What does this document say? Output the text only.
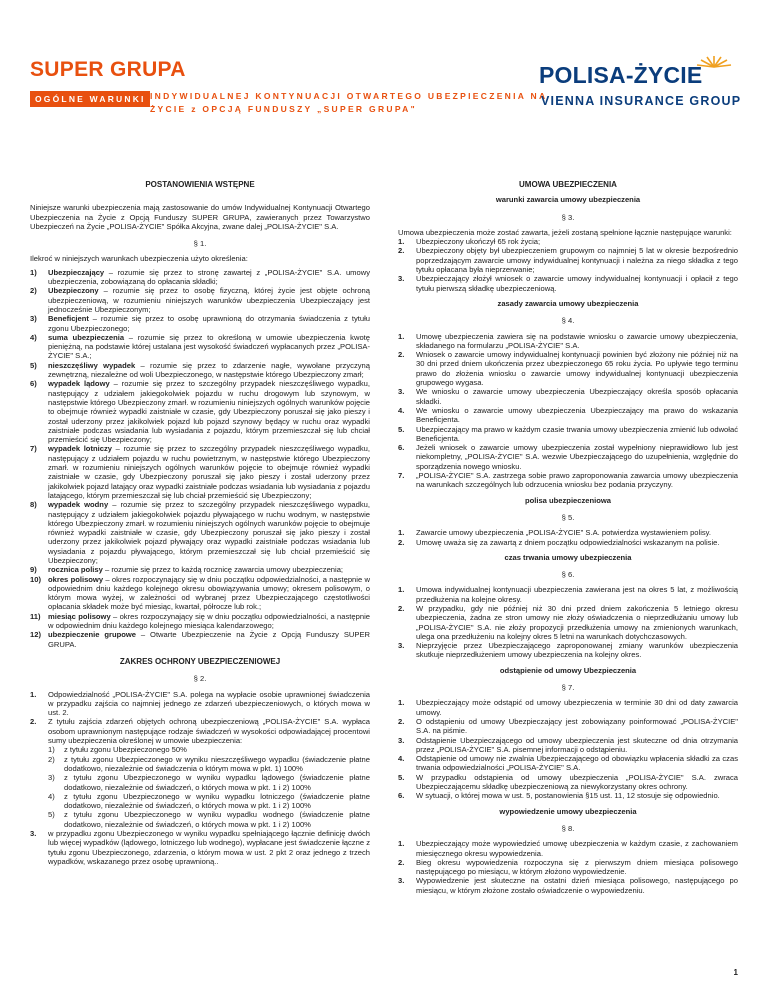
SUPER GRUPA
OGÓLNE WARUNKI INDYWIDUALNEJ KONTYNUACJI OTWARTEGO UBEZPIECZENIA NA ŻYCIE z OPCJĄ FUNDUSZY „SUPER GRUPA"
POLISA-ŻYCIE
VIENNA INSURANCE GROUP
POSTANOWIENIA WSTĘPNE
Niniejsze warunki ubezpieczenia mają zastosowanie do umów Indywidualnej Kontynuacji Otwartego Ubezpieczenia na Życie z Opcją Funduszy SUPER GRUPA, zawieranych przez Towarzystwo Ubezpieczeń na Życie „POLISA-ŻYCIE" Spółka Akcyjna, zwane dalej „POLISA-ŻYCIE" S.A.
§ 1.
Ilekroć w niniejszych warunkach ubezpieczenia użyto określenia:
1)	Ubezpieczający – rozumie się przez to stronę zawartej z „POLISA-ŻYCIE" S.A. umowy ubezpieczenia, zobowiązaną do opłacania składki;
2)	Ubezpieczony – rozumie się przez to osobę fizyczną, której życie jest objęte ochroną ubezpieczeniową, w rozumieniu niniejszych warunków ubezpieczenia Ubezpieczający jest jednocześnie Ubezpieczonym;
3)	Beneficjent – rozumie się przez to osobę uprawnioną do otrzymania świadczenia z tytułu zgonu Ubezpieczonego;
4)	suma ubezpieczenia – rozumie się przez to określoną w umowie ubezpieczenia kwotę pieniężną, na podstawie której ustalana jest wysokość świadczeń wypłacanych przez „POLISA-ŻYCIE" S.A.;
5)	nieszczęśliwy wypadek – rozumie się przez to zdarzenie nagłe, wywołane przyczyną zewnętrzną, niezależne od woli Ubezpieczonego, w następstwie którego Ubezpieczony zmarł;
6)	wypadek lądowy – rozumie się przez to szczególny przypadek nieszczęśliwego wypadku, następujący z udziałem jakiegokolwiek pojazdu w ruchu drogowym lub szynowym, w następstwie którego Ubezpieczony zmarł. w rozumieniu niniejszych ogólnych warunków pojęcie to obejmuje również wypadki zaistniałe w czasie, gdy Ubezpieczony poruszał się jako pieszy i został uderzony przez jakikolwiek pojazd lub pojazd szynowy będący w ruchu oraz wypadki zaistniałe podczas wsiadania lub wysiadania z pojazdu, którym przemieszczał się lub chciał przemieścić się Ubezpieczony;
7)	wypadek lotniczy – rozumie się przez to szczególny przypadek nieszczęśliwego wypadku, następujący z udziałem pojazdu w ruchu powietrznym, w następstwie którego Ubezpieczony zmarł. w rozumieniu niniejszych ogólnych warunków pojęcie to obejmuje również wypadki zaistniałe w czasie, gdy Ubezpieczony poruszał się jako pieszy i został uderzony przez jakikolwiek pojazd latający oraz wypadki zaistniałe podczas wsiadania lub wysiadania z pojazdu latającego, którym przemieszczał się lub chciał przemieścić się Ubezpieczony;
8)	wypadek wodny – rozumie się przez to szczególny przypadek nieszczęśliwego wypadku, następujący z udziałem jakiegokolwiek pojazdu pływającego w ruchu wodnym, w następstwie którego Ubezpieczony zmarł. w rozumieniu niniejszych ogólnych warunków pojęcie to obejmuje również wypadki zaistniałe w czasie, gdy Ubezpieczony poruszał się jako pieszy i został uderzony przez jakikolwiek pojazd pływający oraz wypadki zaistniałe podczas wsiadania lub wysiadania z pojazdu pływającego, którym przemieszczał się lub chciał przemieścić się Ubezpieczony;
9)	rocznica polisy – rozumie się przez to każdą rocznicę zawarcia umowy ubezpieczenia;
10) okres polisowy – okres rozpoczynający się w dniu początku odpowiedzialności, a następnie w odpowiednim dniu każdego kolejnego okresu obowiązywania umowy; okresem polisowym, o którym mowa wyżej, w zależności od wybranej przez Ubezpieczającego częstotliwości opłacania składek może być miesiąc, kwartał, półrocze lub rok.;
11) miesiąc polisowy – okres rozpoczynający się w dniu początku odpowiedzialności, a następnie w odpowiednim dniu każdego kolejnego miesiąca kalendarzowego;
12) ubezpieczenie grupowe – Otwarte Ubezpieczenie na Życie z Opcją Funduszy SUPER GRUPA.
ZAKRES OCHRONY UBEZPIECZENIOWEJ
§ 2.
1.	Odpowiedzialność „POLISA-ŻYCIE" S.A. polega na wypłacie osobie uprawnionej świadczenia w przypadku zajścia co najmniej jednego ze zdarzeń ubezpieczeniowych, o których mowa w ust. 2.
2.	Z tytułu zajścia zdarzeń objętych ochroną ubezpieczeniową „POLISA-ŻYCIE" S.A. wypłaca osobom uprawnionym następujące rodzaje świadczeń w wysokości odpowiadającej procentowi sumy ubezpieczenia określonej w umowie ubezpieczenia:
1)	z tytułu zgonu Ubezpieczonego 50%
2)	z tytułu zgonu Ubezpieczonego w wyniku nieszczęśliwego wypadku (świadczenie płatne dodatkowo, niezależnie od świadczenia o którym mowa w pkt. 1) 100%
3)	z tytułu zgonu Ubezpieczonego w wyniku wypadku lądowego (świadczenie płatne dodatkowo, niezależnie od świadczeń, o których mowa w pkt. 1 i 2) 100%
4)	z tytułu zgonu Ubezpieczonego w wyniku wypadku lotniczego (świadczenie płatne dodatkowo, niezależnie od świadczeń, o których mowa w pkt. 1 i 2) 100%
5)	z tytułu zgonu Ubezpieczonego w wyniku wypadku wodnego (świadczenie płatne dodatkowo, niezależnie od świadczeń, o których mowa w pkt. 1 i 2) 100%
3.	w przypadku zgonu Ubezpieczonego w wyniku wypadku spełniającego łącznie definicję dwóch lub więcej wypadków (lądowego, lotniczego lub wodnego), wypłacane jest świadczenie łączne z tytułu zgonu Ubezpieczonego, zdarzenia, o którym mowa w ust. 2 pkt 2 oraz jednego z trzech wypadków, wskazanego przez osobę uprawnioną..
UMOWA UBEZPIECZENIA
warunki zawarcia umowy ubezpieczenia
§ 3.
Umowa ubezpieczenia może zostać zawarta, jeżeli zostaną spełnione łącznie następujące warunki:
1.	Ubezpieczony ukończył 65 rok życia;
2.	Ubezpieczony objęty był ubezpieczeniem grupowym co najmniej 5 lat w okresie bezpośrednio poprzedzającym zawarcie umowy indywidualnej kontynuacji i należna za niego składka z tego tytułu opłacana była nieprzerwanie;
3.	Ubezpieczający złożył wniosek o zawarcie umowy indywidualnej kontynuacji i opłacił z tego tytułu pierwszą składkę ubezpieczeniową.
zasady zawarcia umowy ubezpieczenia
§ 4.
1.	Umowę ubezpieczenia zawiera się na podstawie wniosku o zawarcie umowy ubezpieczenia, składanego na formularzu „POLISA-ŻYCIE" S.A.
2.	Wniosek o zawarcie umowy indywidualnej kontynuacji powinien być złożony nie później niż na 30 dni przed dniem ukończenia przez ubezpieczonego 65 roku życia. Po upływie tego terminu prawo do złożenia wniosku o zawarcie umowy indywidualnej kontynuacji ubezpieczenia grupowego wygasa.
3.	We wniosku o zawarcie umowy ubezpieczenia Ubezpieczający określa sposób opłacania składki.
4.	We wniosku o zawarcie umowy ubezpieczenia Ubezpieczający ma prawo do wskazania Beneficjenta.
5.	Ubezpieczający ma prawo w każdym czasie trwania umowy ubezpieczenia zmienić lub odwołać Beneficjenta.
6.	Jeżeli wniosek o zawarcie umowy ubezpieczenia został wypełniony nieprawidłowo lub jest niekompletny, „POLISA-ŻYCIE" S.A. wezwie Ubezpieczającego do uzupełnienia, względnie do sporządzenia nowego wniosku.
7.	„POLISA-ŻYCIE" S.A. zastrzega sobie prawo zaproponowania zawarcia umowy ubezpieczenia na warunkach szczególnych lub odrzucenia wniosku bez podania przyczyny.
polisa ubezpieczeniowa
§ 5.
1.	Zawarcie umowy ubezpieczenia „POLISA-ŻYCIE" S.A. potwierdza wystawieniem polisy.
2.	Umowę uważa się za zawartą z dniem początku odpowiedzialności wskazanym na polisie.
czas trwania umowy ubezpieczenia
§ 6.
1.	Umowa indywidualnej kontynuacji ubezpieczenia zawierana jest na okres 5 lat, z możliwością przedłużenia na kolejne okresy.
2.	W przypadku, gdy nie później niż 30 dni przed dniem zakończenia 5 letniego okresu ubezpieczenia, żadna ze stron umowy nie złoży oświadczenia o nieprzedłużaniu umowy lub „POLISA-ŻYCIE" S.A. nie złoży propozycji przedłużenia umowy na zmienionych warunkach, ulega ona przedłużeniu na kolejny okres 5 letni na warunkach dotychczasowych.
3.	Nieprzyjęcie przez Ubezpieczającego zaproponowanej zmiany warunków ubezpieczenia skutkuje nieprzedłużeniem umowy ubezpieczenia na kolejny okres.
odstąpienie od umowy Ubezpieczenia
§ 7.
1.	Ubezpieczający może odstąpić od umowy ubezpieczenia w terminie 30 dni od daty zawarcia umowy.
2.	O odstąpieniu od umowy Ubezpieczający jest zobowiązany poinformować „POLISA-ŻYCIE" S.A. na piśmie.
3.	Odstąpienie Ubezpieczającego od umowy ubezpieczenia jest skuteczne od dnia otrzymania przez „POLISA-ŻYCIE" S.A. pisemnej informacji o odstąpieniu.
4.	Odstąpienie od umowy nie zwalnia Ubezpieczającego od obowiązku wpłacenia składki za czas trwania odpowiedzialności „POLISA-ŻYCIE" S.A.
5.	W przypadku odstąpienia od umowy ubezpieczenia „POLISA-ŻYCIE" S.A. zwraca Ubezpieczającemu składkę ubezpieczeniową za niewykorzystany okres ochrony.
6.	W sytuacji, o której mowa w ust. 5, postanowienia §15 ust. 11, 12 stosuje się odpowiednio.
wypowiedzenie umowy ubezpieczenia
§ 8.
1.	Ubezpieczający może wypowiedzieć umowę ubezpieczenia w każdym czasie, z zachowaniem miesięcznego okresu wypowiedzenia.
2.	Bieg okresu wypowiedzenia rozpoczyna się z pierwszym dniem miesiąca polisowego następującego po miesiącu, w którym złożono wypowiedzenie.
3.	Wypowiedzenie jest skuteczne na ostatni dzień miesiąca polisowego, następującego po miesiącu, w którym złożone zostało oświadczenie o wypowiedzeniu.
1
